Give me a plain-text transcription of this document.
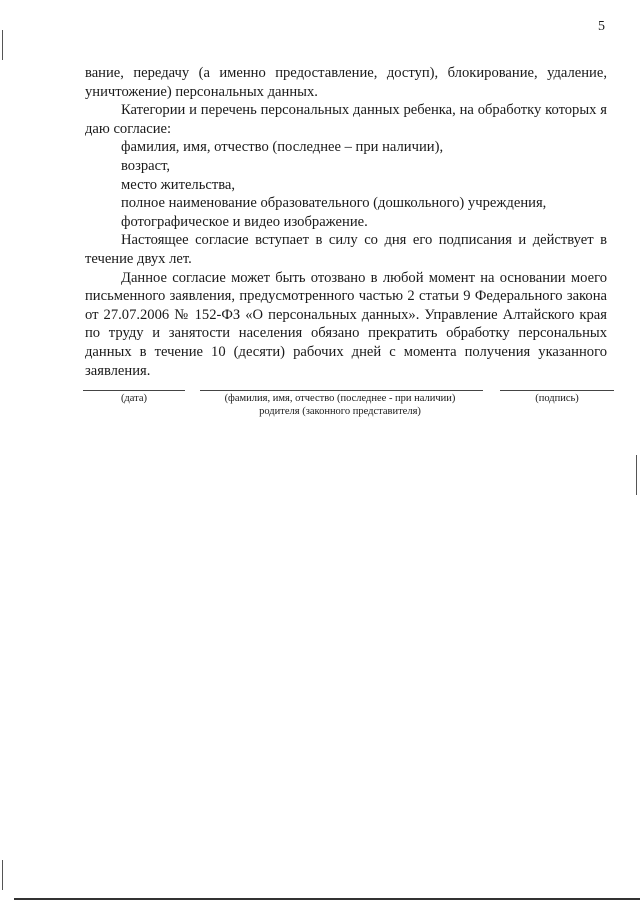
5

вание, передачу (а именно предоставление, доступ), блокирование, удаление, уничтожение) персональных данных.

Категории и перечень персональных данных ребенка, на обработку которых я даю согласие:

фамилия, имя, отчество (последнее – при наличии),

возраст,

место жительства,

полное наименование образовательного (дошкольного) учреждения,

фотографическое и видео изображение.

Настоящее согласие вступает в силу со дня его подписания и действует в течение двух лет.

Данное согласие может быть отозвано в любой момент на основании моего письменного заявления, предусмотренного частью 2 статьи 9 Федерального закона от 27.07.2006 № 152-ФЗ «О персональных данных». Управление Алтайского края по труду и занятости населения обязано прекратить обработку персональных данных в течение 10 (десяти) рабочих дней с момента получения указанного заявления.

(дата)	(фамилия, имя, отчество (последнее - при наличии)
родителя (законного представителя)
(подпись)
